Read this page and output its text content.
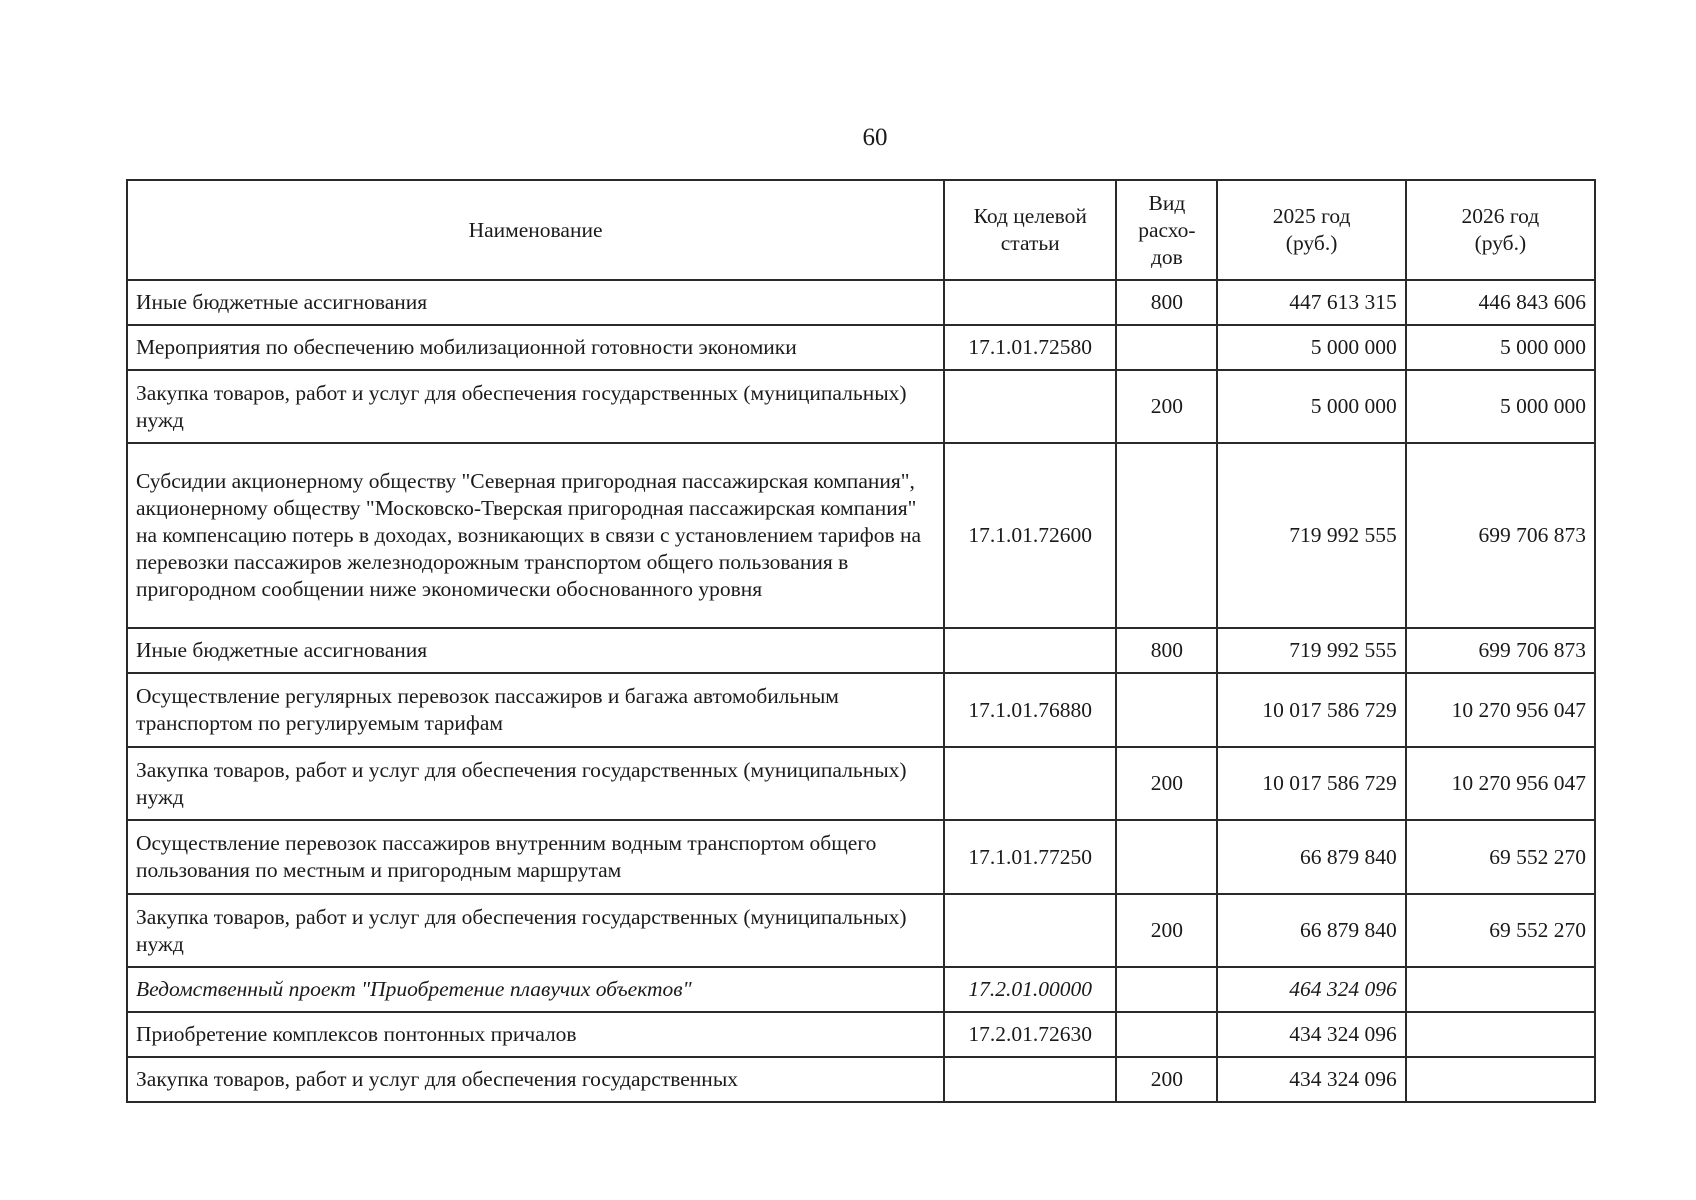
60
Наименование	Код целевой статьи	Вид расхо-дов	2025 год (руб.)	2026 год (руб.)
Иные бюджетные ассигнования		800	447 613 315	446 843 606
Мероприятия по обеспечению мобилизационной готовности экономики	17.1.01.72580		5 000 000	5 000 000
Закупка товаров, работ и услуг для обеспечения государственных (муниципальных) нужд		200	5 000 000	5 000 000
Субсидии акционерному обществу "Северная пригородная пассажирская компания", акционерному обществу "Московско-Тверская пригородная пассажирская компания" на компенсацию потерь в доходах, возникающих в связи с установлением тарифов на перевозки пассажиров железнодорожным транспортом общего пользования в пригородном сообщении ниже экономически обоснованного уровня	17.1.01.72600		719 992 555	699 706 873
Иные бюджетные ассигнования		800	719 992 555	699 706 873
Осуществление регулярных перевозок пассажиров и багажа автомобильным транспортом по регулируемым тарифам	17.1.01.76880		10 017 586 729	10 270 956 047
Закупка товаров, работ и услуг для обеспечения государственных (муниципальных) нужд		200	10 017 586 729	10 270 956 047
Осуществление перевозок пассажиров внутренним водным транспортом общего пользования по местным и пригородным маршрутам	17.1.01.77250		66 879 840	69 552 270
Закупка товаров, работ и услуг для обеспечения государственных (муниципальных) нужд		200	66 879 840	69 552 270
Ведомственный проект "Приобретение плавучих объектов"	17.2.01.00000		464 324 096	
Приобретение комплексов понтонных причалов	17.2.01.72630		434 324 096	
Закупка товаров, работ и услуг для обеспечения государственных		200	434 324 096	
